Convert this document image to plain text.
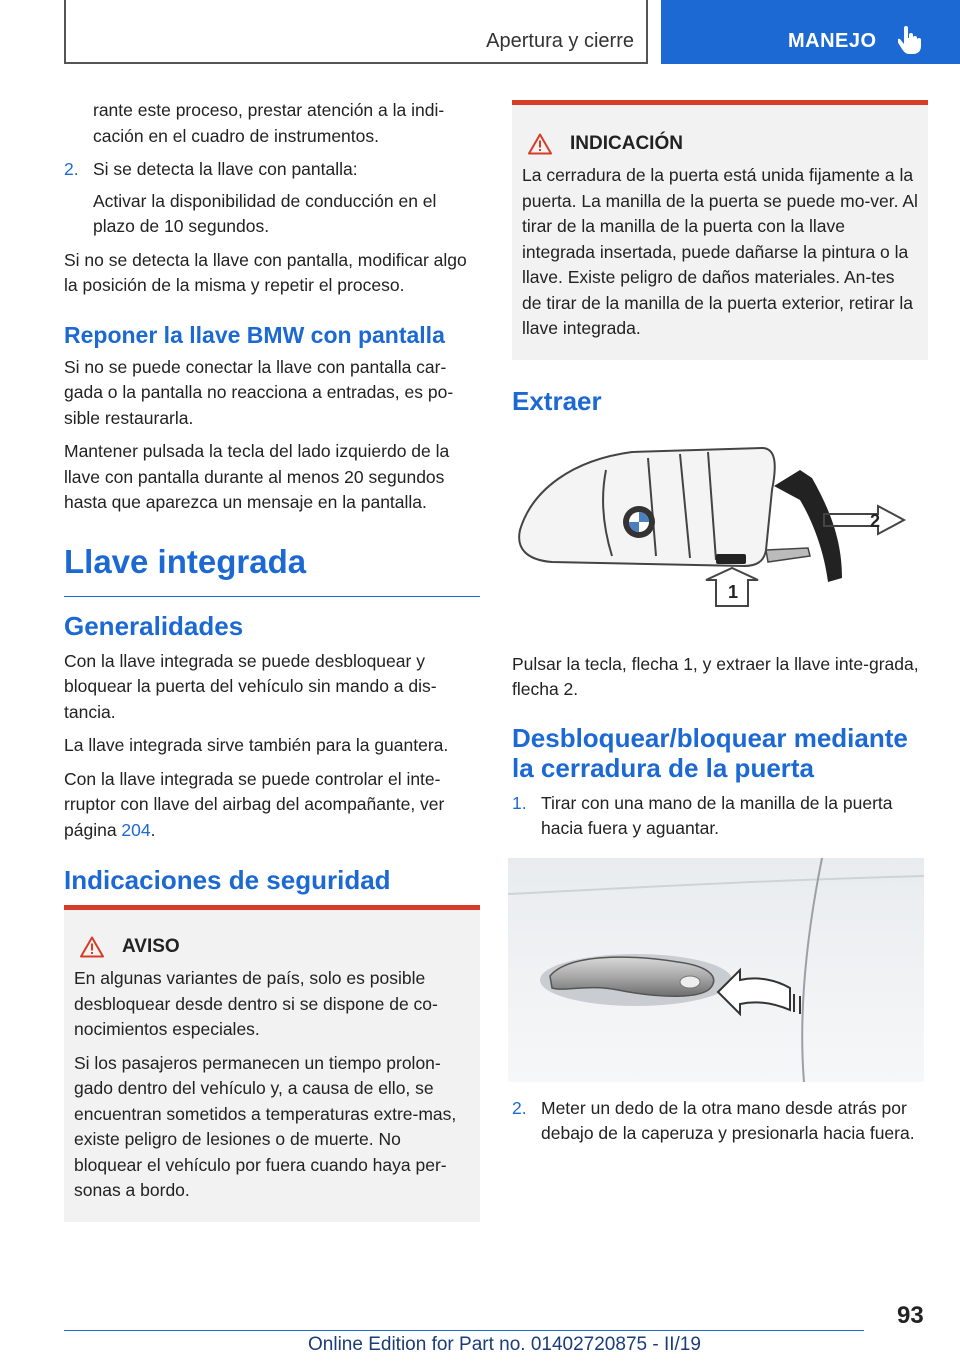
Apertura y cierre	MANEJO

rante este proceso, prestar atención a la indi-cación en el cuadro de instrumentos.

2. Si se detecta la llave con pantalla:

Activar la disponibilidad de conducción en el plazo de 10 segundos.

Si no se detecta la llave con pantalla, modificar algo la posición de la misma y repetir el proceso.

Reponer la llave BMW con pantalla

Si no se puede conectar la llave con pantalla car-gada o la pantalla no reacciona a entradas, es po-sible restaurarla.

Mantener pulsada la tecla del lado izquierdo de la llave con pantalla durante al menos 20 segundos hasta que aparezca un mensaje en la pantalla.

Llave integrada
Generalidades

Con la llave integrada se puede desbloquear y bloquear la puerta del vehículo sin mando a dis-tancia.

La llave integrada sirve también para la guantera.

Con la llave integrada se puede controlar el inte-rruptor con llave del airbag del acompañante, ver página 204.

Indicaciones de seguridad
AVISO

En algunas variantes de país, solo es posible desbloquear desde dentro si se dispone de co-nocimientos especiales.

Si los pasajeros permanecen un tiempo prolon-gado dentro del vehículo y, a causa de ello, se encuentran sometidos a temperaturas extre-mas, existe peligro de lesiones o de muerte. No bloquear el vehículo por fuera cuando haya per-sonas a bordo.

INDICACIÓN

La cerradura de la puerta está unida fijamente a la puerta. La manilla de la puerta se puede mo-ver. Al tirar de la manilla de la puerta con la llave integrada insertada, puede dañarse la pintura o la llave. Existe peligro de daños materiales. An-tes de tirar de la manilla de la puerta exterior, retirar la llave integrada.

Extraer
2
1

Pulsar la tecla, flecha 1, y extraer la llave inte-grada, flecha 2.

Desbloquear/bloquear mediante la cerradura de la puerta
1. Tirar con una mano de la manilla de la puerta hacia fuera y aguantar.
2. Meter un dedo de la otra mano desde atrás por debajo de la caperuza y presionarla hacia fuera.
93
Online Edition for Part no. 01402720875 - II/19
